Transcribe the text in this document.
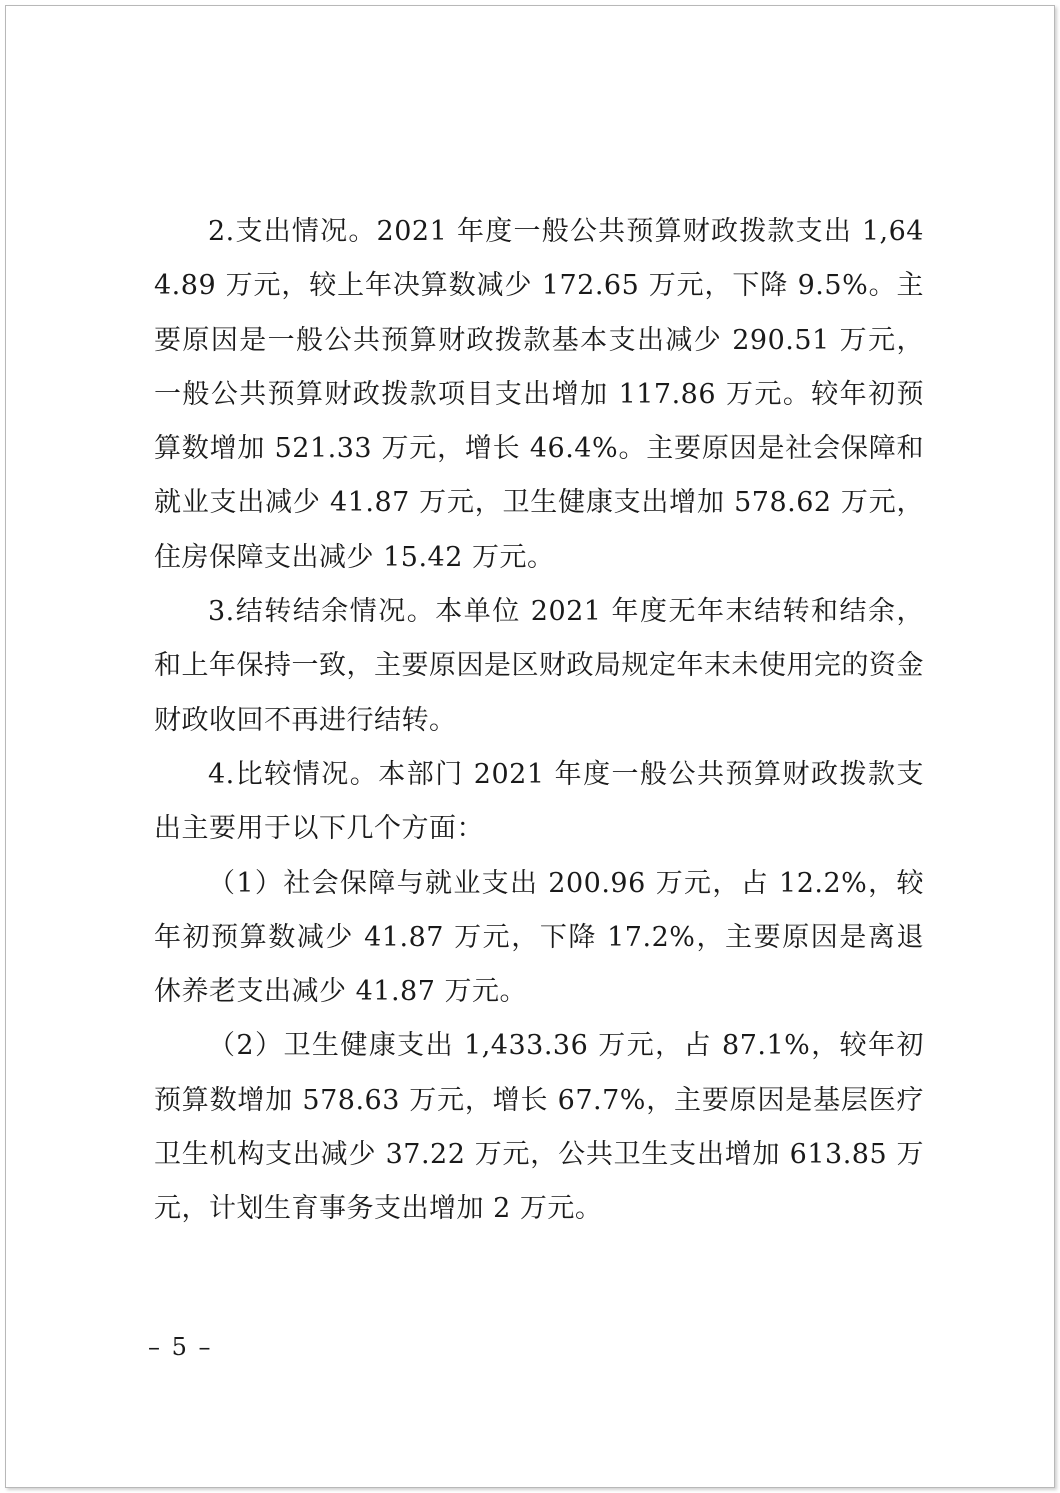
2.支出情况。2021 年度一般公共预算财政拨款支出 1,644.89 万元，较上年决算数减少 172.65 万元，下降 9.5%。主要原因是一般公共预算财政拨款基本支出减少 290.51 万元，一般公共预算财政拨款项目支出增加 117.86 万元。较年初预算数增加 521.33 万元，增长 46.4%。主要原因是社会保障和就业支出减少 41.87 万元，卫生健康支出增加 578.62 万元，住房保障支出减少 15.42 万元。

3.结转结余情况。本单位 2021 年度无年末结转和结余，和上年保持一致，主要原因是区财政局规定年末未使用完的资金财政收回不再进行结转。

4.比较情况。本部门 2021 年度一般公共预算财政拨款支出主要用于以下几个方面：

（1）社会保障与就业支出 200.96 万元，占 12.2%，较年初预算数减少 41.87 万元，下降 17.2%，主要原因是离退休养老支出减少 41.87 万元。

（2）卫生健康支出 1,433.36 万元，占 87.1%，较年初预算数增加 578.63 万元，增长 67.7%，主要原因是基层医疗卫生机构支出减少 37.22 万元，公共卫生支出增加 613.85 万元，计划生育事务支出增加 2 万元。

– 5 –
